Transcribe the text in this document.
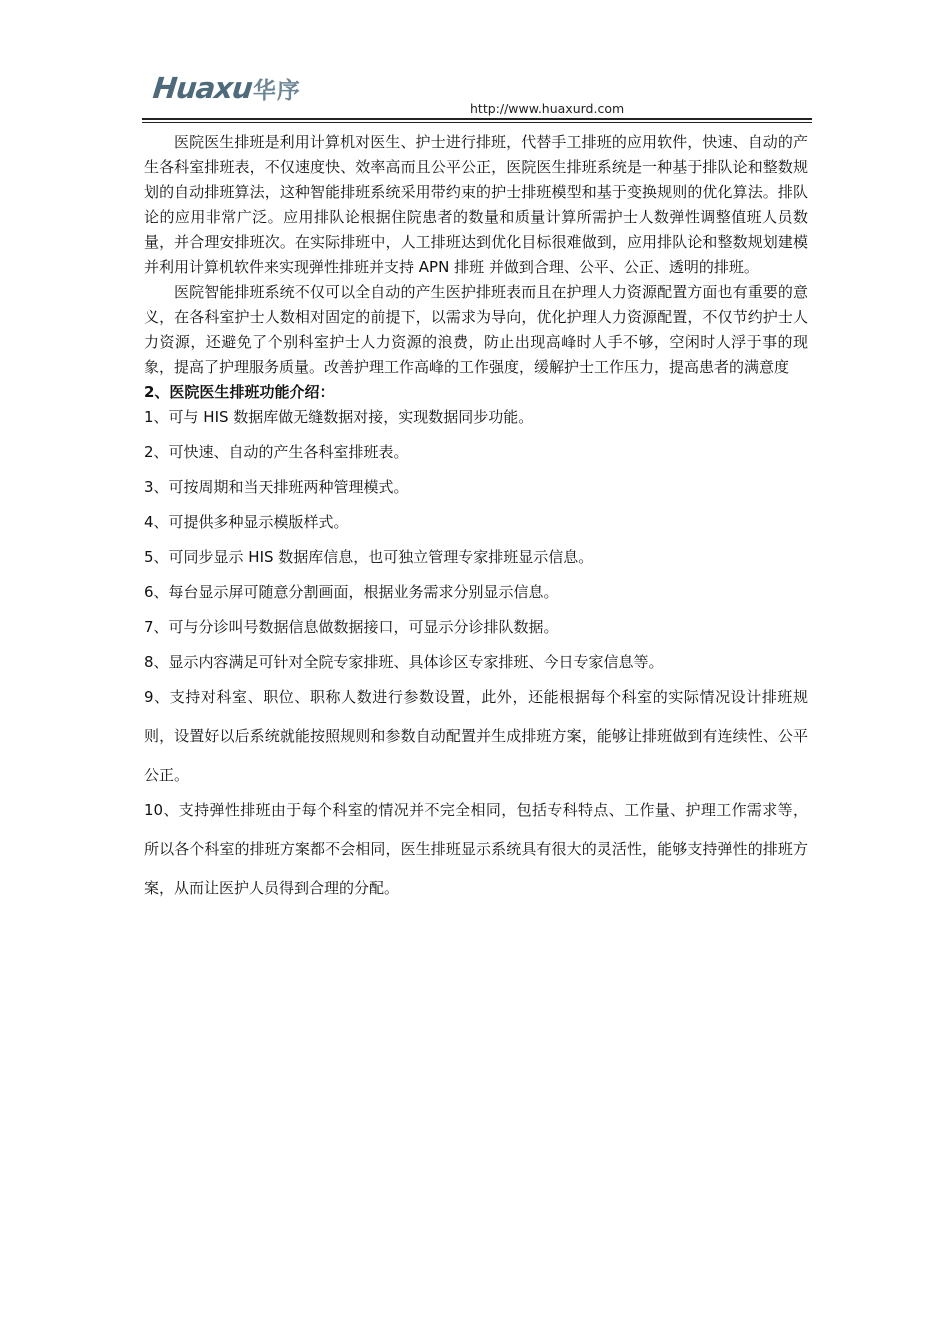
Huaxu 华序
http://www.huaxurd.com

医院医生排班是利用计算机对医生、护士进行排班，代替手工排班的应用软件，快速、自动的产生各科室排班表，不仅速度快、效率高而且公平公正，医院医生排班系统是一种基于排队论和整数规划的自动排班算法，这种智能排班系统采用带约束的护士排班模型和基于变换规则的优化算法。排队论的应用非常广泛。应用排队论根据住院患者的数量和质量计算所需护士人数弹性调整值班人员数量，并合理安排班次。在实际排班中，人工排班达到优化目标很难做到，应用排队论和整数规划建模并利用计算机软件来实现弹性排班并支持 APN 排班 并做到合理、公平、公正、透明的排班。

医院智能排班系统不仅可以全自动的产生医护排班表而且在护理人力资源配置方面也有重要的意义，在各科室护士人数相对固定的前提下，以需求为导向，优化护理人力资源配置，不仅节约护士人力资源，还避免了个别科室护士人力资源的浪费，防止出现高峰时人手不够，空闲时人浮于事的现象，提高了护理服务质量。改善护理工作高峰的工作强度，缓解护士工作压力，提高患者的满意度

2、医院医生排班功能介绍：

1、可与 HIS 数据库做无缝数据对接，实现数据同步功能。
2、可快速、自动的产生各科室排班表。
3、可按周期和当天排班两种管理模式。
4、可提供多种显示模版样式。
5、可同步显示 HIS 数据库信息，也可独立管理专家排班显示信息。
6、每台显示屏可随意分割画面，根据业务需求分别显示信息。
7、可与分诊叫号数据信息做数据接口，可显示分诊排队数据。
8、显示内容满足可针对全院专家排班、具体诊区专家排班、今日专家信息等。
9、支持对科室、职位、职称人数进行参数设置，此外，还能根据每个科室的实际情况设计排班规则，设置好以后系统就能按照规则和参数自动配置并生成排班方案，能够让排班做到有连续性、公平公正。
10、支持弹性排班由于每个科室的情况并不完全相同，包括专科特点、工作量、护理工作需求等，所以各个科室的排班方案都不会相同，医生排班显示系统具有很大的灵活性，能够支持弹性的排班方案，从而让医护人员得到合理的分配。
